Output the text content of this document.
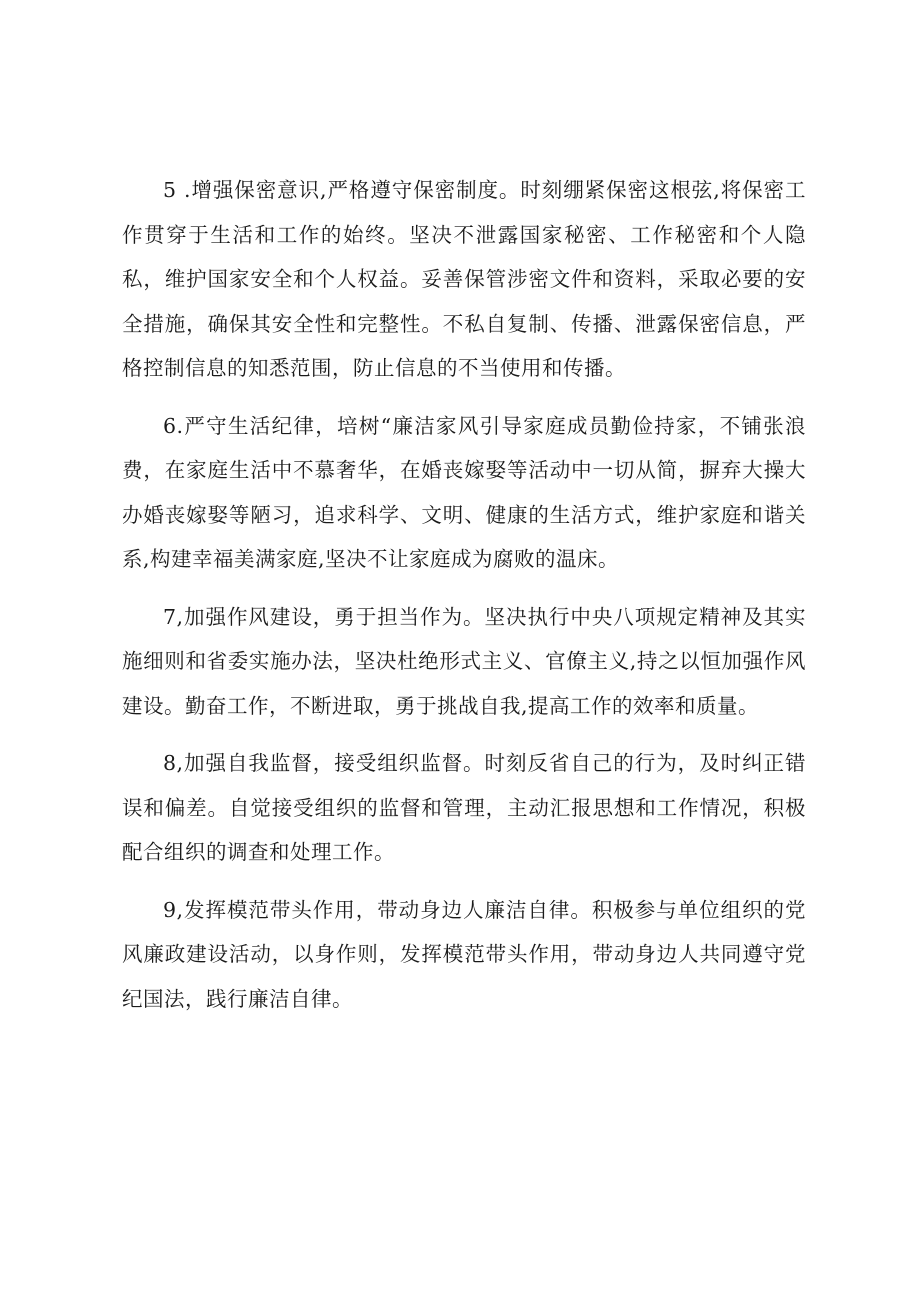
5 .增强保密意识,严格遵守保密制度。时刻绷紧保密这根弦,将保密工作贯穿于生活和工作的始终。坚决不泄露国家秘密、工作秘密和个人隐私，维护国家安全和个人权益。妥善保管涉密文件和资料，采取必要的安全措施，确保其安全性和完整性。不私自复制、传播、泄露保密信息，严格控制信息的知悉范围，防止信息的不当使用和传播。

6.严守生活纪律，培树“廉洁家风引导家庭成员勤俭持家，不铺张浪费，在家庭生活中不慕奢华，在婚丧嫁娶等活动中一切从简，摒弃大操大办婚丧嫁娶等陋习，追求科学、文明、健康的生活方式，维护家庭和谐关系,构建幸福美满家庭,坚决不让家庭成为腐败的温床。

7,加强作风建设，勇于担当作为。坚决执行中央八项规定精神及其实施细则和省委实施办法，坚决杜绝形式主义、官僚主义,持之以恒加强作风建设。勤奋工作，不断进取，勇于挑战自我,提高工作的效率和质量。

8,加强自我监督，接受组织监督。时刻反省自己的行为，及时纠正错误和偏差。自觉接受组织的监督和管理，主动汇报思想和工作情况，积极配合组织的调查和处理工作。

9,发挥模范带头作用，带动身边人廉洁自律。积极参与单位组织的党风廉政建设活动，以身作则，发挥模范带头作用，带动身边人共同遵守党纪国法，践行廉洁自律。
